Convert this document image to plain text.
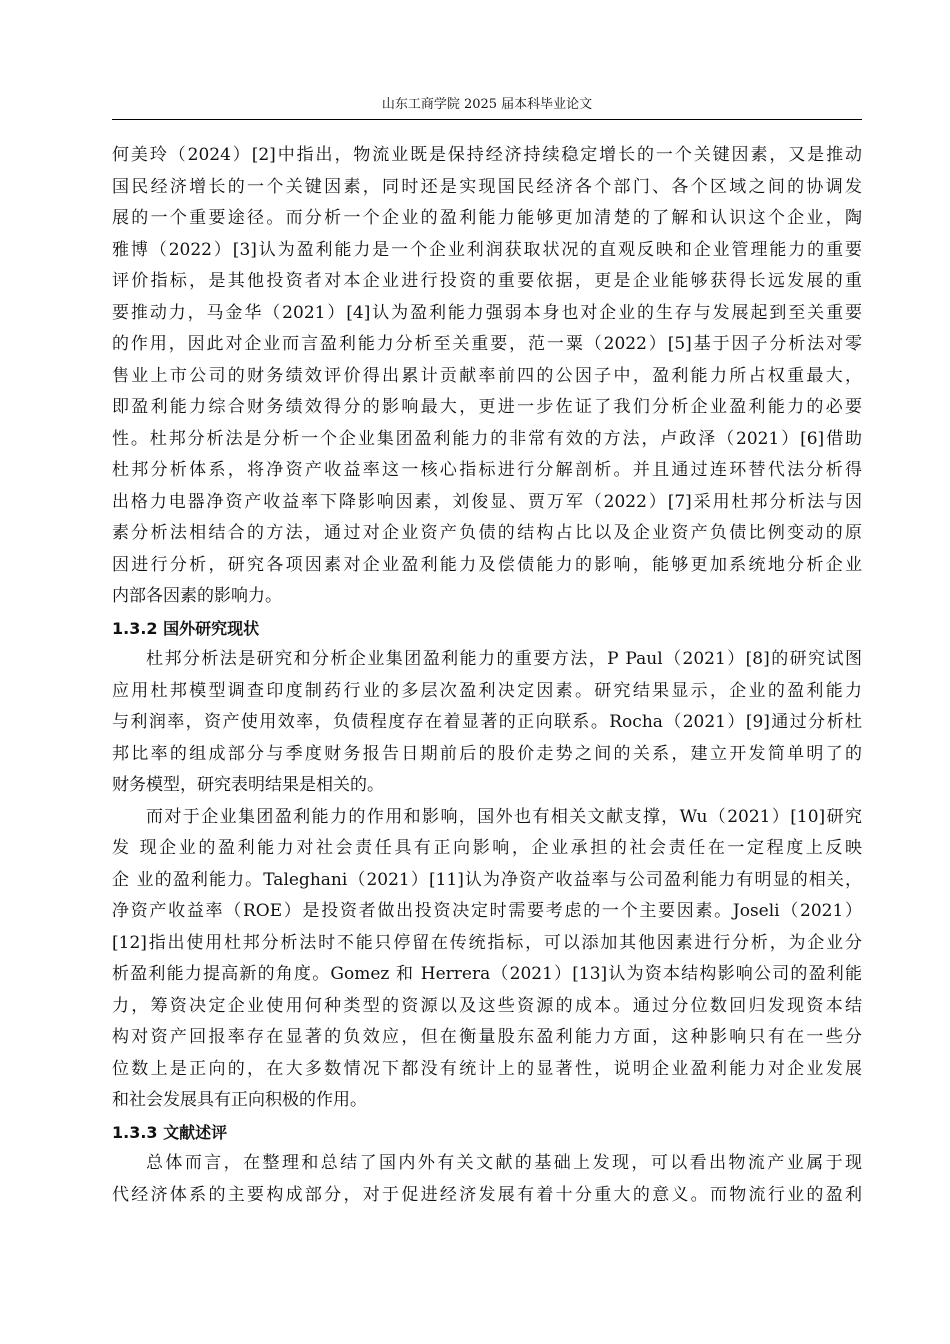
山东工商学院 2025 届本科毕业论文
何美玲（2024）[2]中指出，物流业既是保持经济持续稳定增长的一个关键因素，又是推动
国民经济增长的一个关键因素，同时还是实现国民经济各个部门、各个区域之间的协调发
展的一个重要途径。而分析一个企业的盈利能力能够更加清楚的了解和认识这个企业，陶
雅博（2022）[3]认为盈利能力是一个企业利润获取状况的直观反映和企业管理能力的重要
评价指标，是其他投资者对本企业进行投资的重要依据，更是企业能够获得长远发展的重
要推动力，马金华（2021）[4]认为盈利能力强弱本身也对企业的生存与发展起到至关重要
的作用，因此对企业而言盈利能力分析至关重要，范一粟（2022）[5]基于因子分析法对零
售业上市公司的财务绩效评价得出累计贡献率前四的公因子中，盈利能力所占权重最大，
即盈利能力综合财务绩效得分的影响最大，更进一步佐证了我们分析企业盈利能力的必要
性。杜邦分析法是分析一个企业集团盈利能力的非常有效的方法，卢政泽（2021）[6]借助
杜邦分析体系，将净资产收益率这一核心指标进行分解剖析。并且通过连环替代法分析得
出格力电器净资产收益率下降影响因素，刘俊显、贾万军（2022）[7]采用杜邦分析法与因
素分析法相结合的方法，通过对企业资产负债的结构占比以及企业资产负债比例变动的原
因进行分析，研究各项因素对企业盈利能力及偿债能力的影响，能够更加系统地分析企业
内部各因素的影响力。
1.3.2 国外研究现状
杜邦分析法是研究和分析企业集团盈利能力的重要方法，P Paul（2021）[8]的研究试图
应用杜邦模型调查印度制药行业的多层次盈利决定因素。研究结果显示，企业的盈利能力
与利润率，资产使用效率，负债程度存在着显著的正向联系。Rocha（2021）[9]通过分析杜
邦比率的组成部分与季度财务报告日期前后的股价走势之间的关系，建立开发简单明了的
财务模型，研究表明结果是相关的。
而对于企业集团盈利能力的作用和影响，国外也有相关文献支撑，Wu（2021）[10]研究
发 现企业的盈利能力对社会责任具有正向影响，企业承担的社会责任在一定程度上反映
企 业的盈利能力。Taleghani（2021）[11]认为净资产收益率与公司盈利能力有明显的相关，
净资产收益率（ROE）是投资者做出投资决定时需要考虑的一个主要因素。Joseli（2021）
[12]指出使用杜邦分析法时不能只停留在传统指标，可以添加其他因素进行分析，为企业分
析盈利能力提高新的角度。Gomez 和 Herrera（2021）[13]认为资本结构影响公司的盈利能
力，筹资决定企业使用何种类型的资源以及这些资源的成本。通过分位数回归发现资本结
构对资产回报率存在显著的负效应，但在衡量股东盈利能力方面，这种影响只有在一些分
位数上是正向的，在大多数情况下都没有统计上的显著性，说明企业盈利能力对企业发展
和社会发展具有正向积极的作用。
1.3.3 文献述评
总体而言，在整理和总结了国内外有关文献的基础上发现，可以看出物流产业属于现
代经济体系的主要构成部分，对于促进经济发展有着十分重大的意义。而物流行业的盈利
